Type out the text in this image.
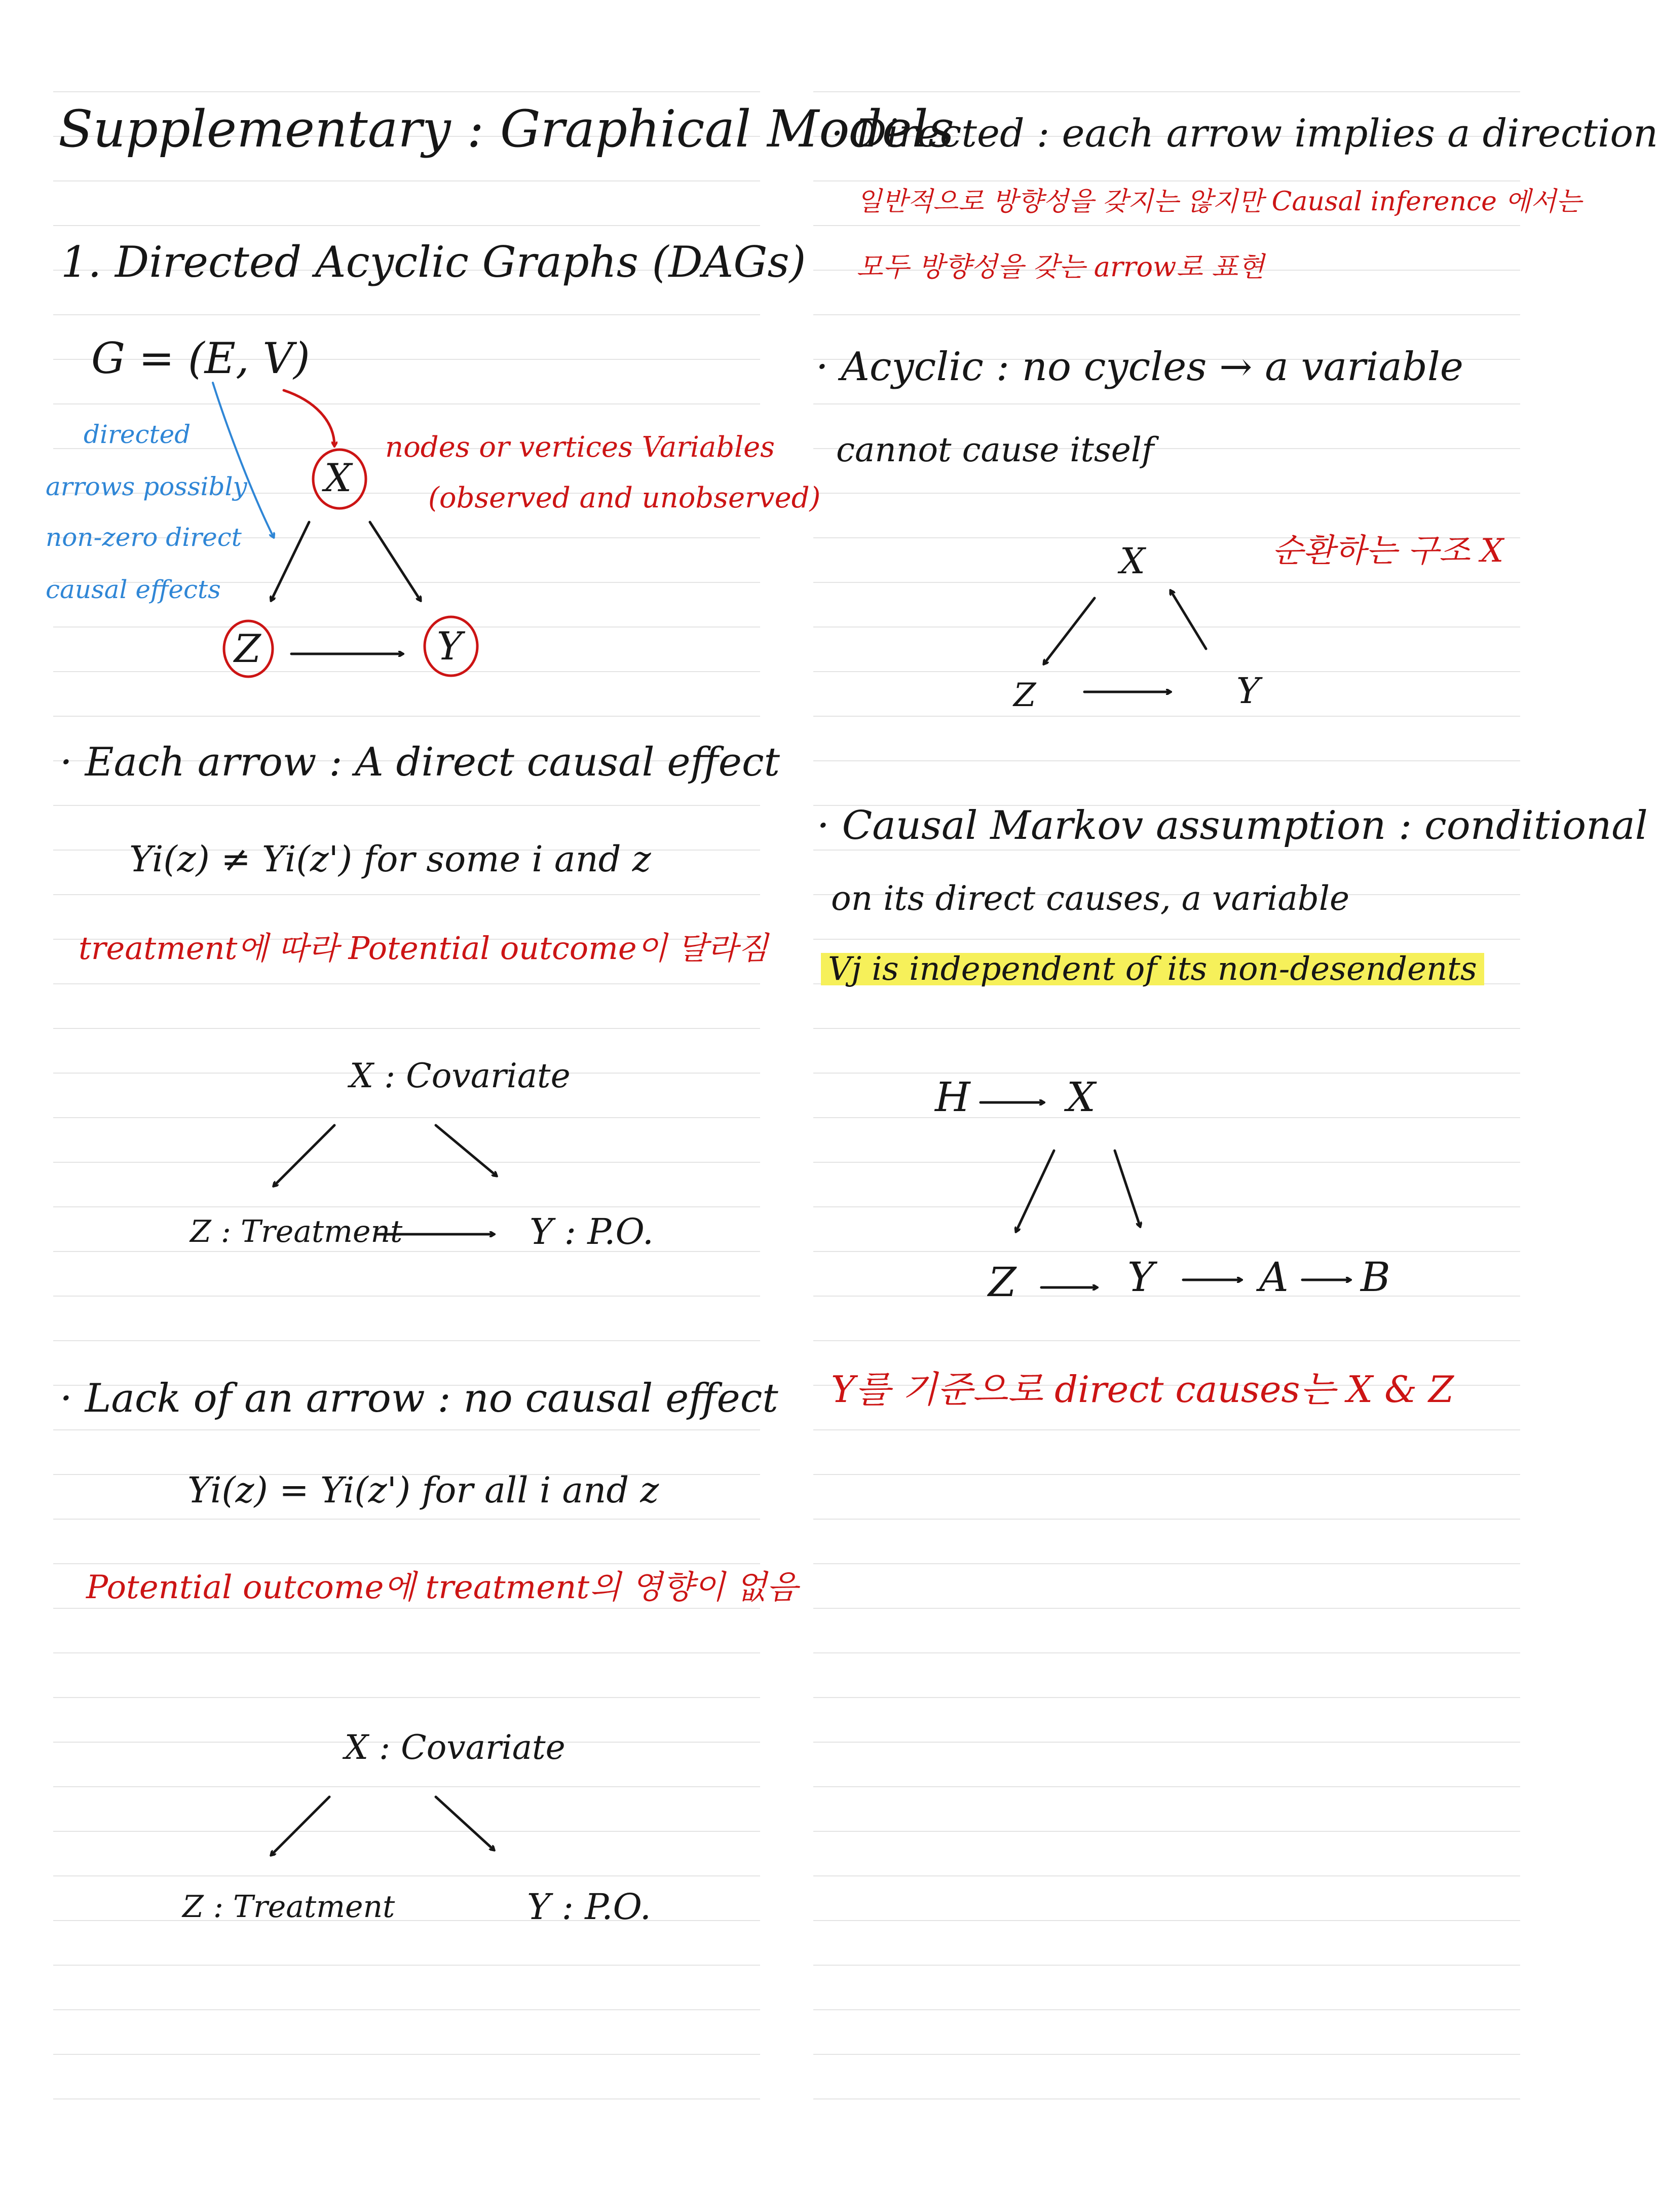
Supplementary : Graphical Models
1. Directed Acyclic Graphs (DAGs)
G = (E, V)
directed
arrows possibly
non-zero direct
causal effects
nodes or vertices Variables
(observed and unobserved)
X
Z	Y
· Each arrow : A direct causal effect
Yi(z) ≠ Yi(z') for some i and z
treatment에 따라 Potential outcome이 달라짐
X : Covariate
Z : Treatment	Y : P.O.
· Lack of an arrow : no causal effect
Yi(z) = Yi(z') for all i and z
Potential outcome에 treatment의 영향이 없음
X : Covariate
Z : Treatment	Y : P.O.
· Directed : each arrow implies a direction
일반적으로 방향성을 갖지는 않지만 Causal inference 에서는
모두 방향성을 갖는 arrow로 표현
· Acyclic : no cycles → a variable
cannot cause itself
순환하는 구조 X
X
Z	Y
· Causal Markov assumption : conditional
on its direct causes, a variable
Vj is independent of its non-desendents
H X
Z	Y	A B
Y를 기준으로 direct causes는 X & Z
